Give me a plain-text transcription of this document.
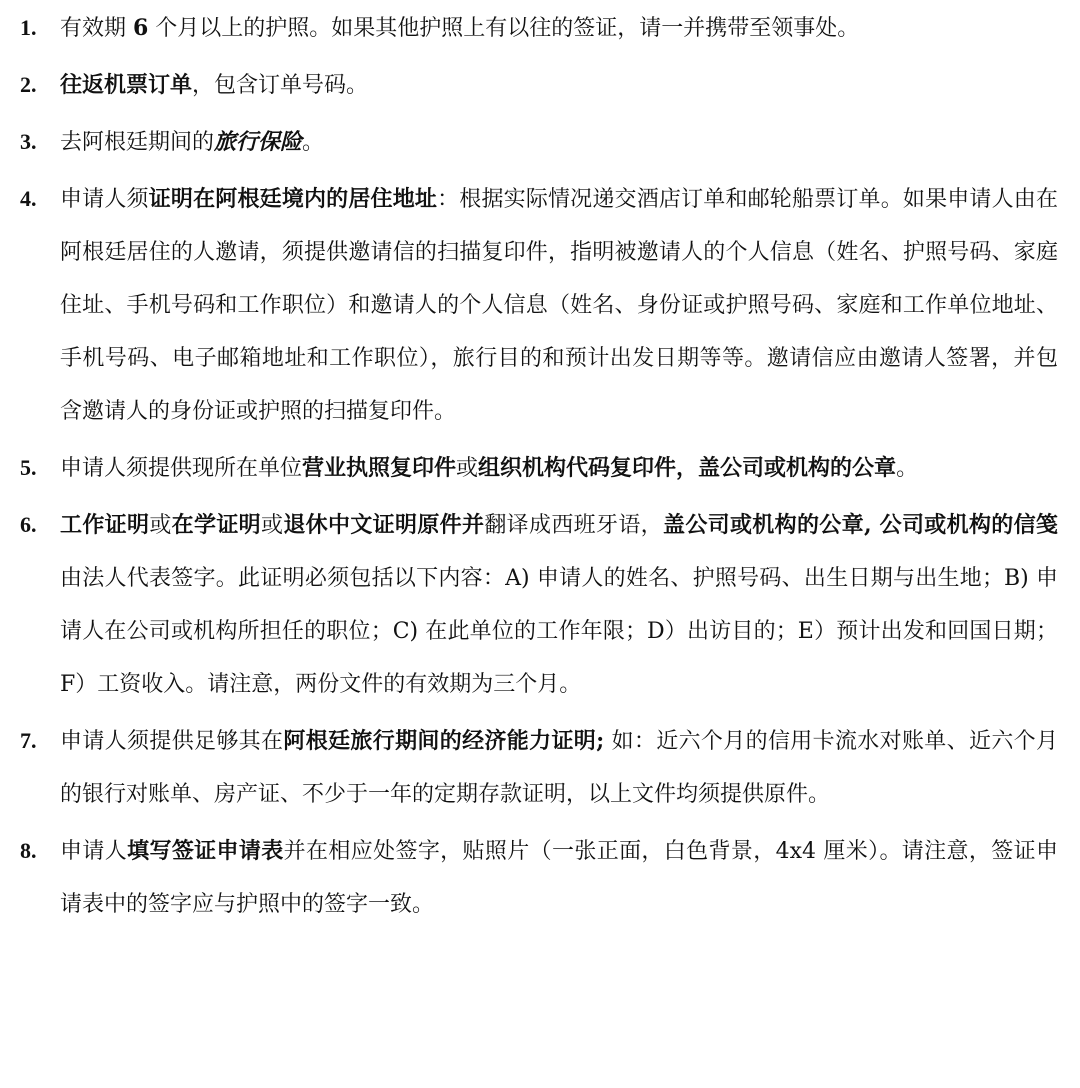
1.	有效期 6 个月以上的护照。如果其他护照上有以往的签证，请一并携带至领事处。
2.	往返机票订单，包含订单号码。
3.	去阿根廷期间的旅行保险。
4.	申请人须证明在阿根廷境内的居住地址：根据实际情况递交酒店订单和邮轮船票订单。如果申请人由在阿根廷居住的人邀请，须提供邀请信的扫描复印件，指明被邀请人的个人信息（姓名、护照号码、家庭住址、手机号码和工作职位）和邀请人的个人信息（姓名、身份证或护照号码、家庭和工作单位地址、手机号码、电子邮箱地址和工作职位），旅行目的和预计出发日期等等。邀请信应由邀请人签署，并包含邀请人的身份证或护照的扫描复印件。
5.	申请人须提供现所在单位营业执照复印件或组织机构代码复印件，盖公司或机构的公章。
6.	工作证明或在学证明或退休中文证明原件并翻译成西班牙语，盖公司或机构的公章, 公司或机构的信笺由法人代表签字。此证明必须包括以下内容：A) 申请人的姓名、护照号码、出生日期与出生地；B) 申请人在公司或机构所担任的职位；C) 在此单位的工作年限；D）出访目的；E）预计出发和回国日期；F）工资收入。请注意，两份文件的有效期为三个月。
7.	申请人须提供足够其在阿根廷旅行期间的经济能力证明; 如：近六个月的信用卡流水对账单、近六个月的银行对账单、房产证、不少于一年的定期存款证明，以上文件均须提供原件。
8.	申请人填写签证申请表并在相应处签字，贴照片（一张正面，白色背景，4x4 厘米）。请注意，签证申请表中的签字应与护照中的签字一致。
